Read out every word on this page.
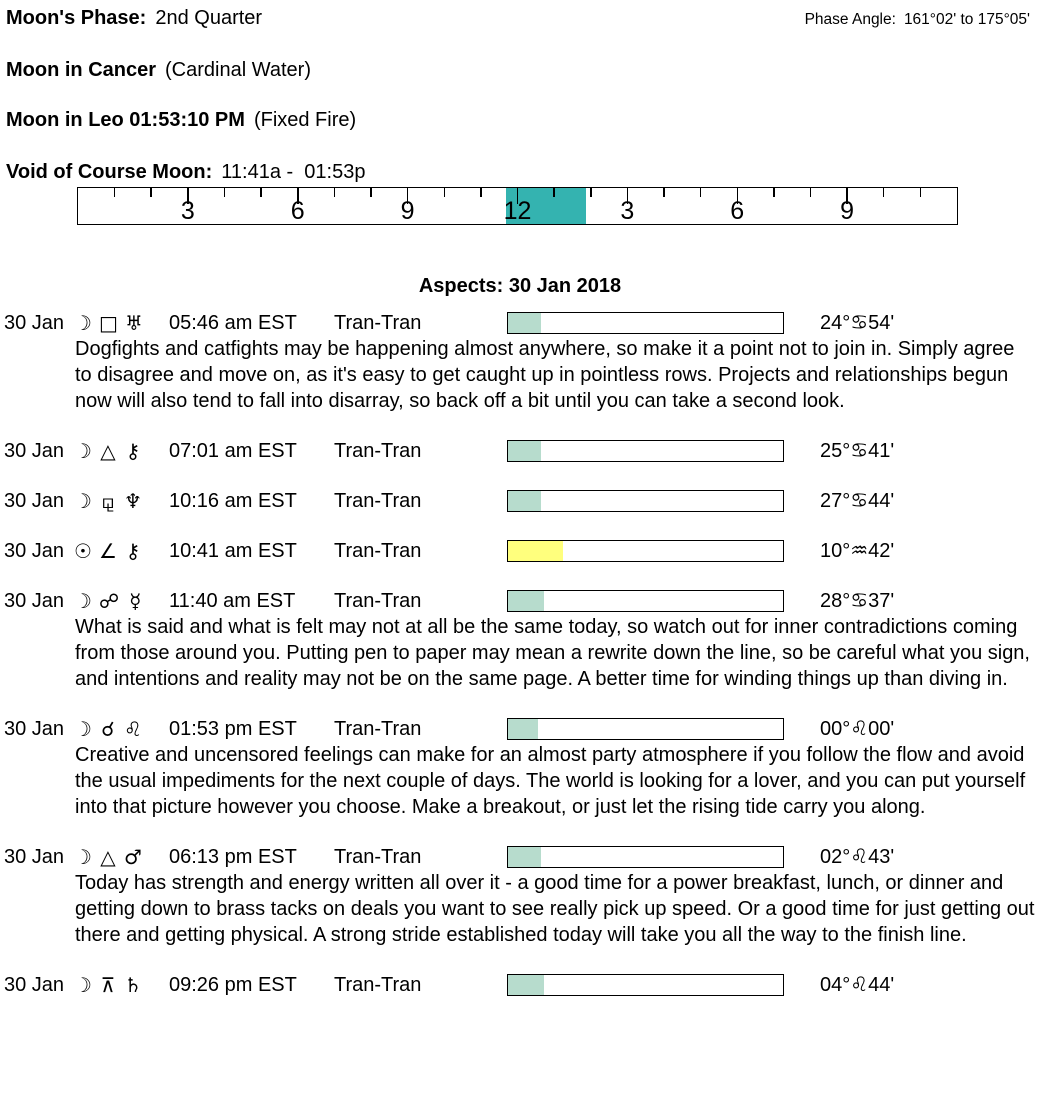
Moon's Phase: 2nd Quarter	Phase Angle: 161°02' to 175°05'
Moon in Cancer (Cardinal Water)
Moon in Leo 01:53:10 PM (Fixed Fire)
Void of Course Moon: 11:41a -  01:53p
3	6	9	12	3	6	9
Aspects: 30 Jan 2018
30 Jan ☽ □ ♅ 05:46 am EST	Tran-Tran	24°♋54'

Dogfights and catfights may be happening almost anywhere, so make it a point not to join in. Simply agree to disagree and move on, as it's easy to get caught up in pointless rows. Projects and relationships begun now will also tend to fall into disarray, so back off a bit until you can take a second look.

30 Jan ☽ △ ⚷ 07:01 am EST	Tran-Tran	25°♋41'
30 Jan ☽ ⚼ ♆ 10:16 am EST	Tran-Tran	27°♋44'
30 Jan ☉ ∠ ⚷ 10:41 am EST	Tran-Tran	10°♒42'
30 Jan ☽ ☍ ☿ 11:40 am EST	Tran-Tran	28°♋37'

What is said and what is felt may not at all be the same today, so watch out for inner contradictions coming from those around you. Putting pen to paper may mean a rewrite down the line, so be careful what you sign, and intentions and reality may not be on the same page. A better time for winding things up than diving in.

30 Jan ☽ ☌ ♌ 01:53 pm EST	Tran-Tran	00°♌00'

Creative and uncensored feelings can make for an almost party atmosphere if you follow the flow and avoid the usual impediments for the next couple of days. The world is looking for a lover, and you can put yourself into that picture however you choose. Make a breakout, or just let the rising tide carry you along.

30 Jan ☽ △ ♂ 06:13 pm EST	Tran-Tran	02°♌43'

Today has strength and energy written all over it - a good time for a power breakfast, lunch, or dinner and getting down to brass tacks on deals you want to see really pick up speed. Or a good time for just getting out there and getting physical. A strong stride established today will take you all the way to the finish line.

30 Jan ☽ ⊼ ♄ 09:26 pm EST	Tran-Tran	04°♌44'
